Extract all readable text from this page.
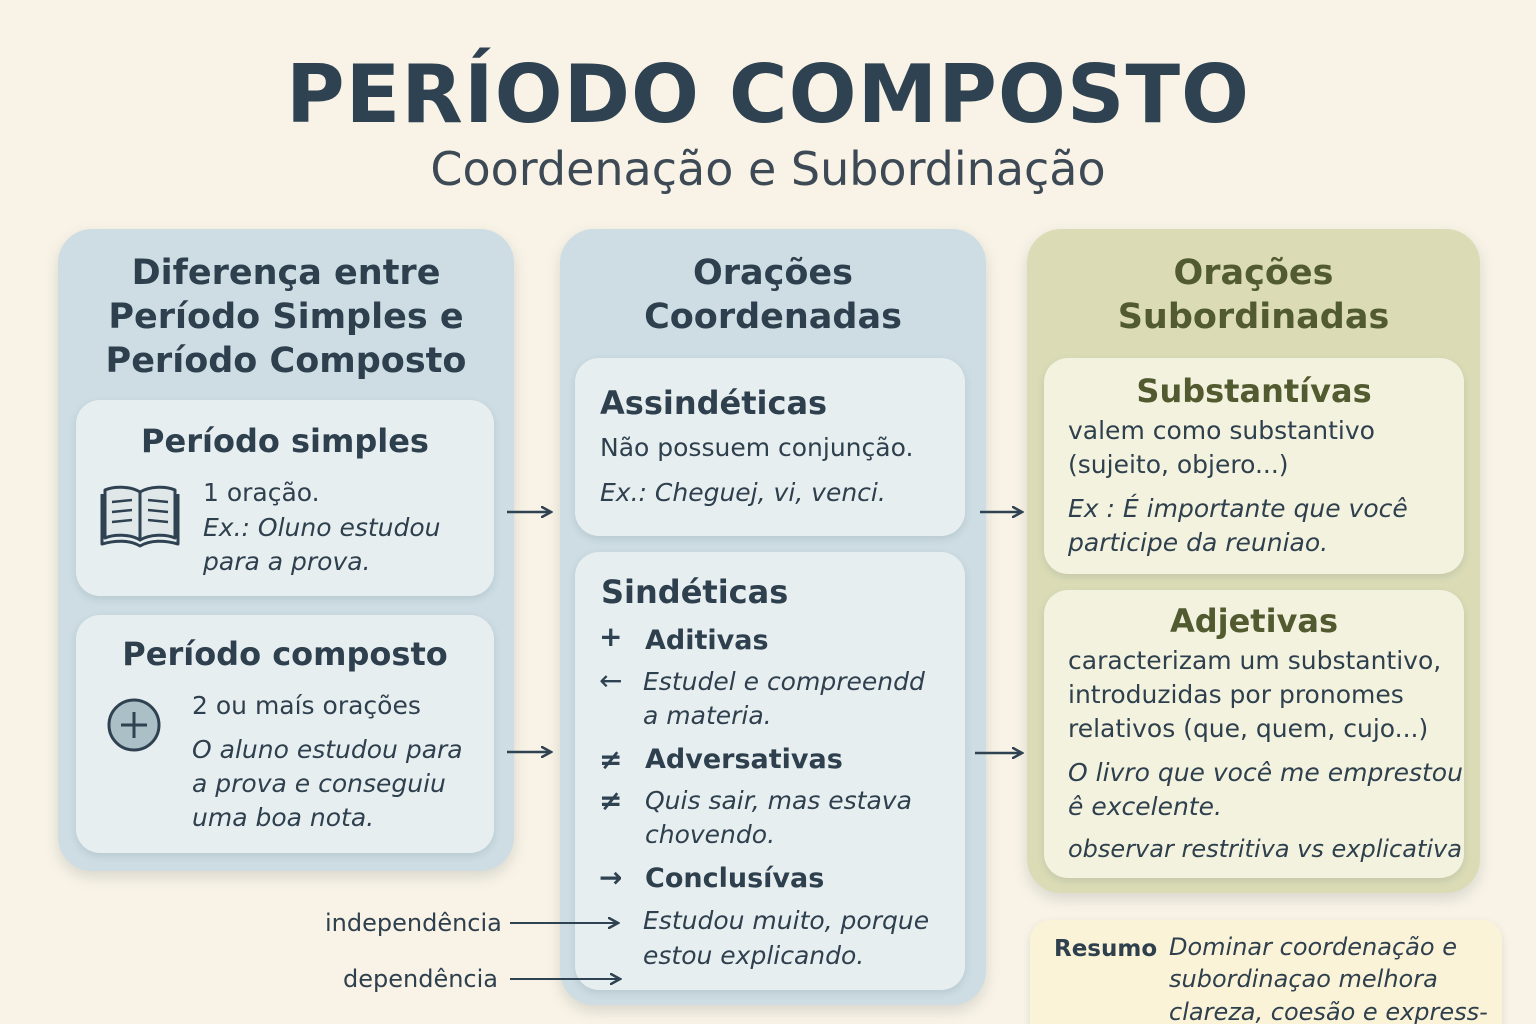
PERÍODO COMPOSTO
Coordenação e Subordinação
Diferença entre
Período Simples e
Período Composto
Período simples
1 oração.
Ex.: Oluno estudou
para a prova.
Período composto
2 ou maís orações
O aluno estudou para
a prova e conseguiu
uma boa nota.
Orações
Coordenadas
Assindéticas
Não possuem conjunção.
Ex.: Cheguej, vi, venci.
Sindéticas
+ Aditivas
← Estudel e compreendd
a materia.
≠ Adversativas
≠ Quis sair, mas estava
chovendo.
→ Conclusívas
Estudou muito, porque
estou explicando.
Orações
Subordinadas
Substantívas
valem como substantivo
(sujeito, objero...)
Ex : É importante que você
participe da reuniao.
Adjetivas
caracterizam um substantivo,
introduzidas por pronomes
relativos (que, quem, cujo...)
O livro que você me emprestou
ê excelente.
observar restritiva vs explicativa
independência
dependência
Resumo Dominar coordenação e
subordinaçao melhora
clareza, coesão e express-
